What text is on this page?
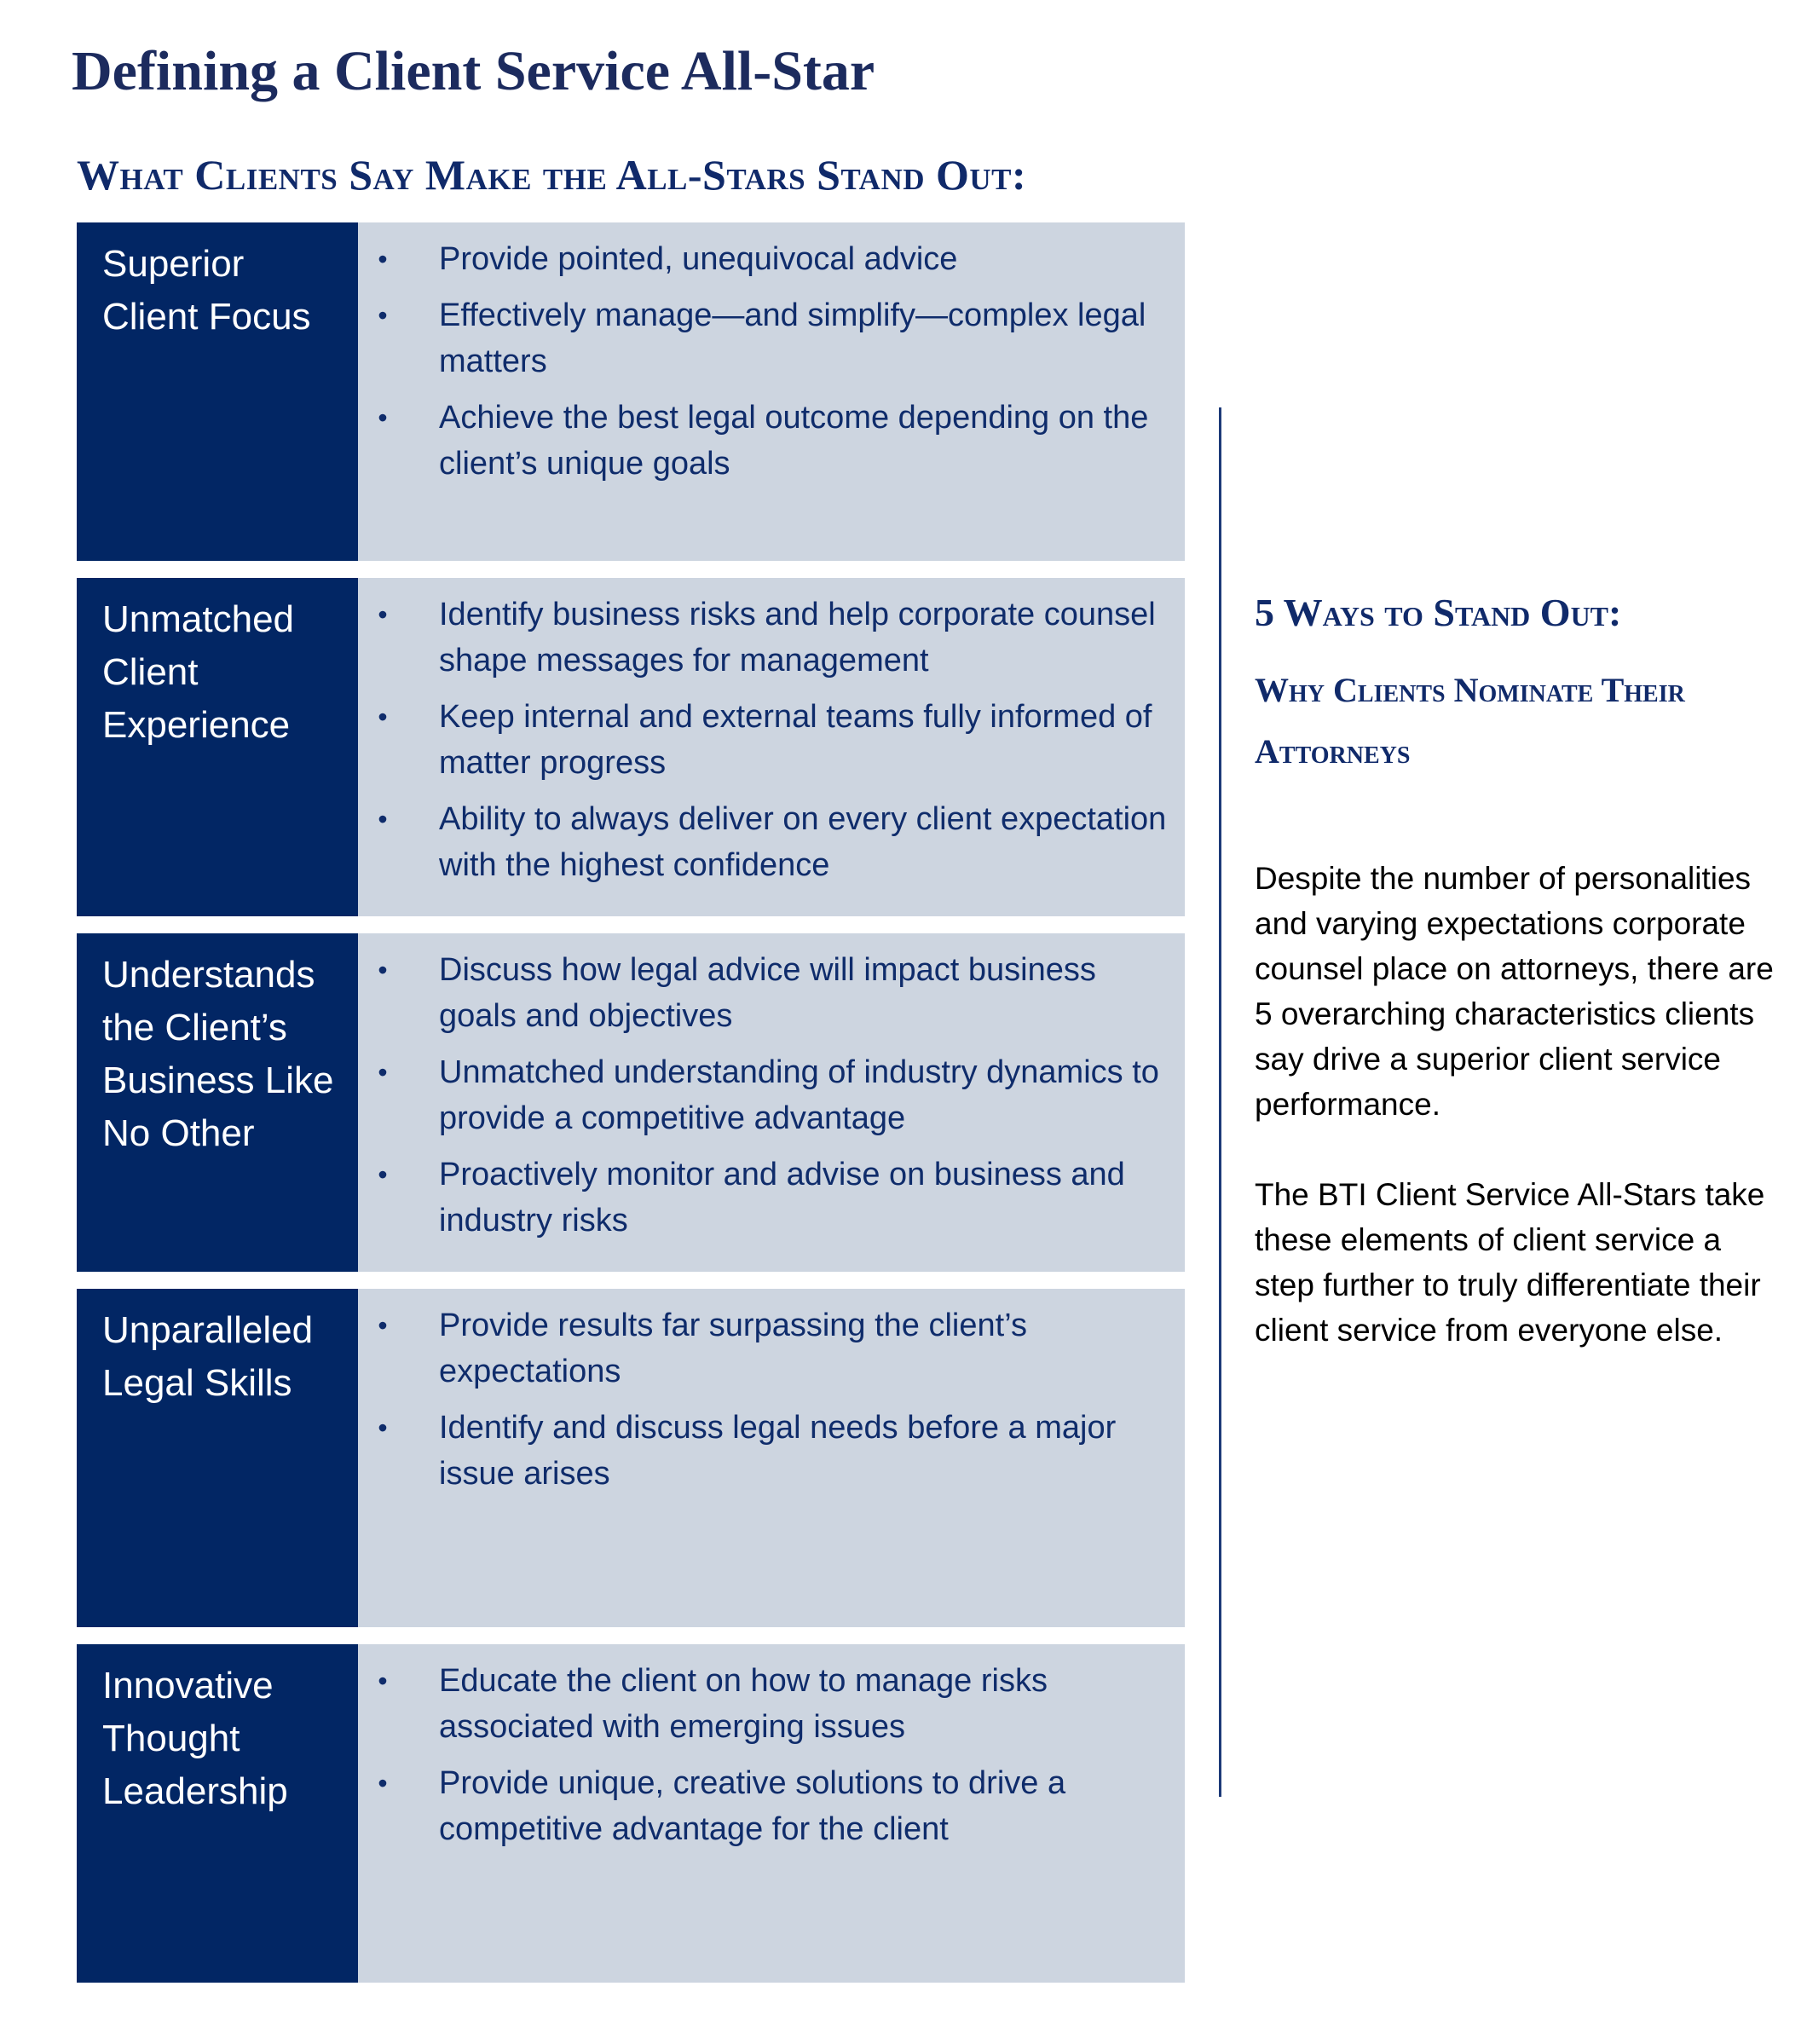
Defining a Client Service All-Star
What Clients Say Make the All-Stars Stand Out:
Superior Client Focus
•	Provide pointed, unequivocal advice
•	Effectively manage—and simplify—complex legal matters
•	Achieve the best legal outcome depending on the client’s unique goals
Unmatched Client Experience
•	Identify business risks and help corporate counsel shape messages for management
•	Keep internal and external teams fully informed of matter progress
•	Ability to always deliver on every client expectation with the highest confidence
Understands the Client’s Business Like No Other
•	Discuss how legal advice will impact business goals and objectives
•	Unmatched understanding of industry dynamics to provide a competitive advantage
•	Proactively monitor and advise on business and industry risks
Unparalleled Legal Skills
•	Provide results far surpassing the client’s expectations
•	Identify and discuss legal needs before a major issue arises
Innovative Thought Leadership
•	Educate the client on how to manage risks associated with emerging issues
•	Provide unique, creative solutions to drive a competitive advantage for the client
5 Ways to Stand Out:
Why Clients Nominate Their Attorneys

Despite the number of personalities and varying expectations corporate counsel place on attorneys, there are 5 overarching characteristics clients say drive a superior client service performance.

The BTI Client Service All-Stars take these elements of client service a step further to truly differentiate their client service from everyone else.
